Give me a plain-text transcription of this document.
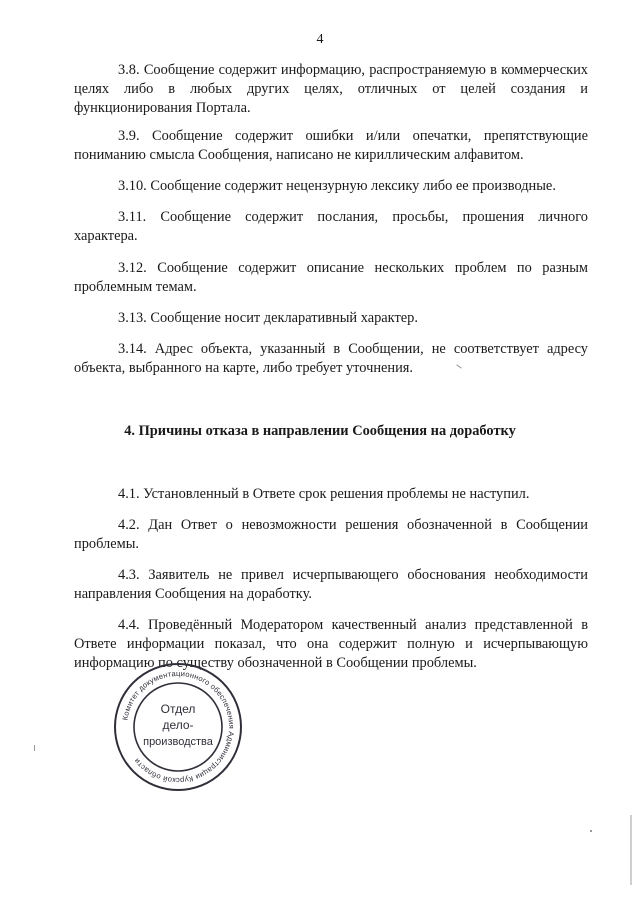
4

3.8. Сообщение содержит информацию, распространяемую в коммерческих целях либо в любых других целях, отличных от целей создания и функционирования Портала.

3.9. Сообщение содержит ошибки и/или опечатки, препятствующие пониманию смысла Сообщения, написано не кириллическим алфавитом.

3.10. Сообщение содержит нецензурную лексику либо ее производные.

3.11. Сообщение содержит послания, просьбы, прошения личного характера.

3.12. Сообщение содержит описание нескольких проблем по разным проблемным темам.

3.13. Сообщение носит декларативный характер.

3.14. Адрес объекта, указанный в Сообщении, не соответствует адресу объекта, выбранного на карте, либо требует уточнения.

4. Причины отказа в направлении Сообщения на доработку

4.1. Установленный в Ответе срок решения проблемы не наступил.

4.2. Дан Ответ о невозможности решения обозначенной в Сообщении проблемы.

4.3. Заявитель не привел исчерпывающего обоснования необходимости направления Сообщения на доработку.

4.4. Проведённый Модератором качественный анализ представленной в Ответе информации показал, что она содержит полную и исчерпывающую информацию по существу обозначенной в Сообщении проблемы.

Комитет документационного обеспечения Администрации Курской области
Отдел
дело-
производства
